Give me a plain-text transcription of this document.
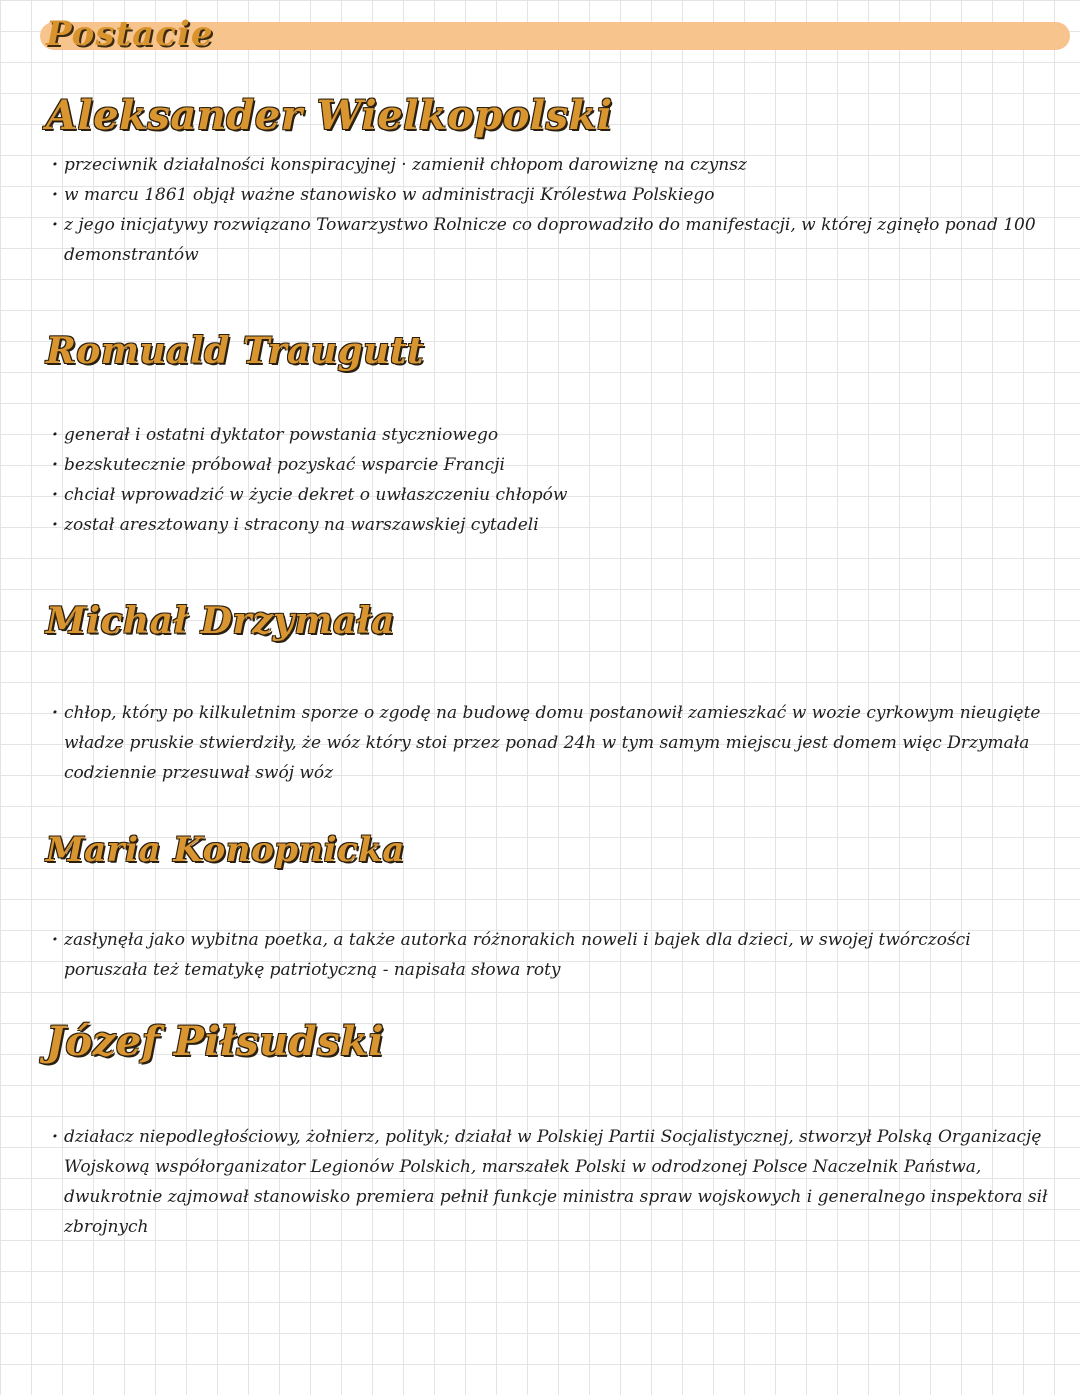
Postacie
Aleksander Wielkopolski
· przeciwnik działalności konspiracyjnej · zamienił chłopom darowiznę na czynsz
· w marcu 1861 objął ważne stanowisko w administracji Królestwa Polskiego
· z jego inicjatywy rozwiązano Towarzystwo Rolnicze co doprowadziło do manifestacji, w której zginęło ponad 100 demonstrantów
Romuald Traugutt
· generał i ostatni dyktator powstania styczniowego
· bezskutecznie próbował pozyskać wsparcie Francji
· chciał wprowadzić w życie dekret o uwłaszczeniu chłopów
· został aresztowany i stracony na warszawskiej cytadeli
Michał Drzymała
· chłop, który po kilkuletnim sporze o zgodę na budowę domu postanowił zamieszkać w wozie cyrkowym nieugięte władze pruskie stwierdziły, że wóz który stoi przez ponad 24h w tym samym miejscu jest domem więc Drzymała codziennie przesuwał swój wóz
Maria Konopnicka
· zasłynęła jako wybitna poetka, a także autorka różnorakich noweli i bajek dla dzieci, w swojej twórczości poruszała też tematykę patriotyczną - napisała słowa roty
Józef Piłsudski
· działacz niepodległościowy, żołnierz, polityk; działał w Polskiej Partii Socjalistycznej, stworzył Polską Organizację Wojskową współorganizator Legionów Polskich, marszałek Polski w odrodzonej Polsce Naczelnik Państwa, dwukrotnie zajmował stanowisko premiera pełnił funkcje ministra spraw wojskowych i generalnego inspektora sił zbrojnych
